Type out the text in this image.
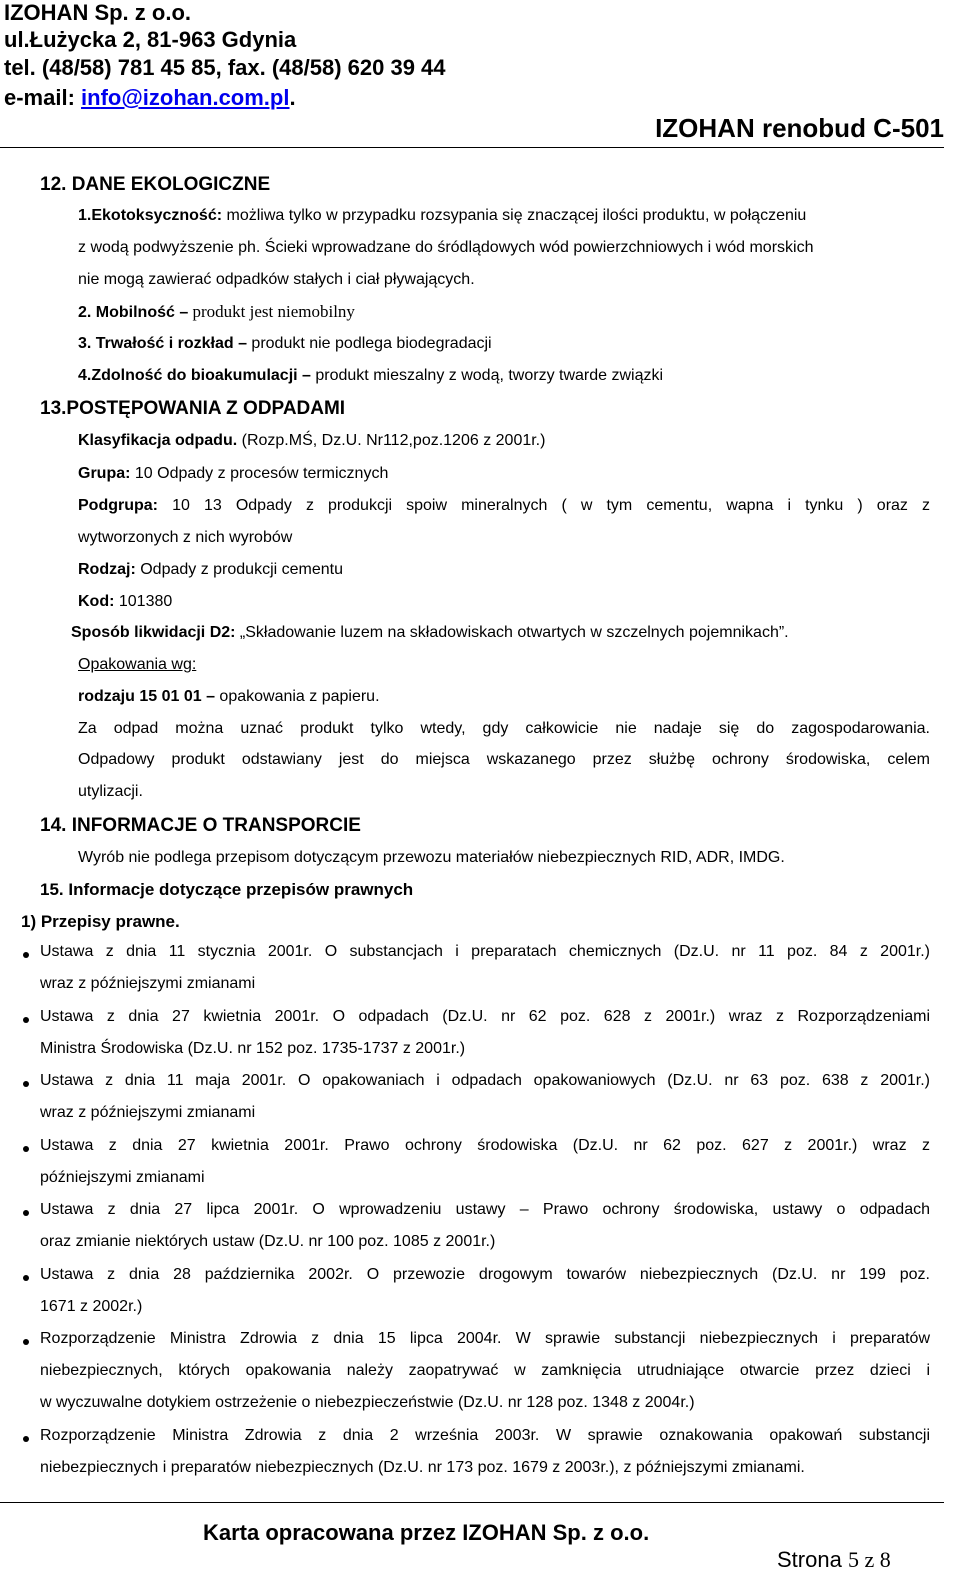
IZOHAN Sp. z o.o.
ul.Łużycka 2, 81-963 Gdynia
tel. (48/58) 781 45 85, fax. (48/58) 620 39 44
e-mail: info@izohan.com.pl.
IZOHAN renobud C-501
12. DANE EKOLOGICZNE
1.Ekotoksyczność: możliwa tylko w przypadku rozsypania się znaczącej ilości produktu, w połączeniu
z wodą podwyższenie ph. Ścieki wprowadzane do śródlądowych wód powierzchniowych i wód morskich
nie mogą zawierać odpadków stałych i ciał pływających.
2. Mobilność – produkt jest niemobilny
3. Trwałość i rozkład – produkt nie podlega biodegradacji
4.Zdolność do bioakumulacji – produkt mieszalny z wodą, tworzy twarde związki
13.POSTĘPOWANIA Z ODPADAMI
Klasyfikacja odpadu. (Rozp.MŚ, Dz.U. Nr112,poz.1206 z 2001r.)
Grupa: 10 Odpady z procesów termicznych
Podgrupa: 10 13 Odpady z produkcji spoiw mineralnych ( w tym cementu, wapna i tynku ) oraz z
wytworzonych z nich wyrobów
Rodzaj: Odpady z produkcji cementu
Kod: 101380
Sposób likwidacji D2: „Składowanie luzem na składowiskach otwartych w szczelnych pojemnikach”.
Opakowania wg:
rodzaju 15 01 01 – opakowania z papieru.
Za odpad można uznać produkt tylko wtedy, gdy całkowicie nie nadaje się do zagospodarowania.
Odpadowy produkt odstawiany jest do miejsca wskazanego przez służbę ochrony środowiska, celem
utylizacji.
14. INFORMACJE O TRANSPORCIE
Wyrób nie podlega przepisom dotyczącym przewozu materiałów niebezpiecznych RID, ADR, IMDG.
15. Informacje dotyczące przepisów prawnych
1) Przepisy prawne.
Ustawa z dnia 11 stycznia 2001r. O substancjach i preparatach chemicznych (Dz.U. nr 11 poz. 84 z 2001r.)
wraz z późniejszymi zmianami
Ustawa z dnia 27 kwietnia 2001r. O odpadach (Dz.U. nr 62 poz. 628 z 2001r.) wraz z Rozporządzeniami
Ministra Środowiska (Dz.U. nr 152 poz. 1735-1737 z 2001r.)
Ustawa z dnia 11 maja 2001r. O opakowaniach i odpadach opakowaniowych (Dz.U. nr 63 poz. 638 z 2001r.)
wraz z późniejszymi zmianami
Ustawa z dnia 27 kwietnia 2001r. Prawo ochrony środowiska (Dz.U. nr 62 poz. 627 z 2001r.) wraz z
późniejszymi zmianami
Ustawa z dnia 27 lipca 2001r. O wprowadzeniu ustawy – Prawo ochrony środowiska, ustawy o odpadach
oraz zmianie niektórych ustaw (Dz.U. nr 100 poz. 1085 z 2001r.)
Ustawa z dnia 28 października 2002r. O przewozie drogowym towarów niebezpiecznych (Dz.U. nr 199 poz.
1671 z 2002r.)
Rozporządzenie Ministra Zdrowia z dnia 15 lipca 2004r. W sprawie substancji niebezpiecznych i preparatów
niebezpiecznych, których opakowania należy zaopatrywać w zamknięcia utrudniające otwarcie przez dzieci i
w wyczuwalne dotykiem ostrzeżenie o niebezpieczeństwie (Dz.U. nr 128 poz. 1348 z 2004r.)
Rozporządzenie Ministra Zdrowia z dnia 2 września 2003r. W sprawie oznakowania opakowań substancji
niebezpiecznych i preparatów niebezpiecznych (Dz.U. nr 173 poz. 1679 z 2003r.), z późniejszymi zmianami.
Karta opracowana przez IZOHAN Sp. z o.o.
Strona 5 z 8
